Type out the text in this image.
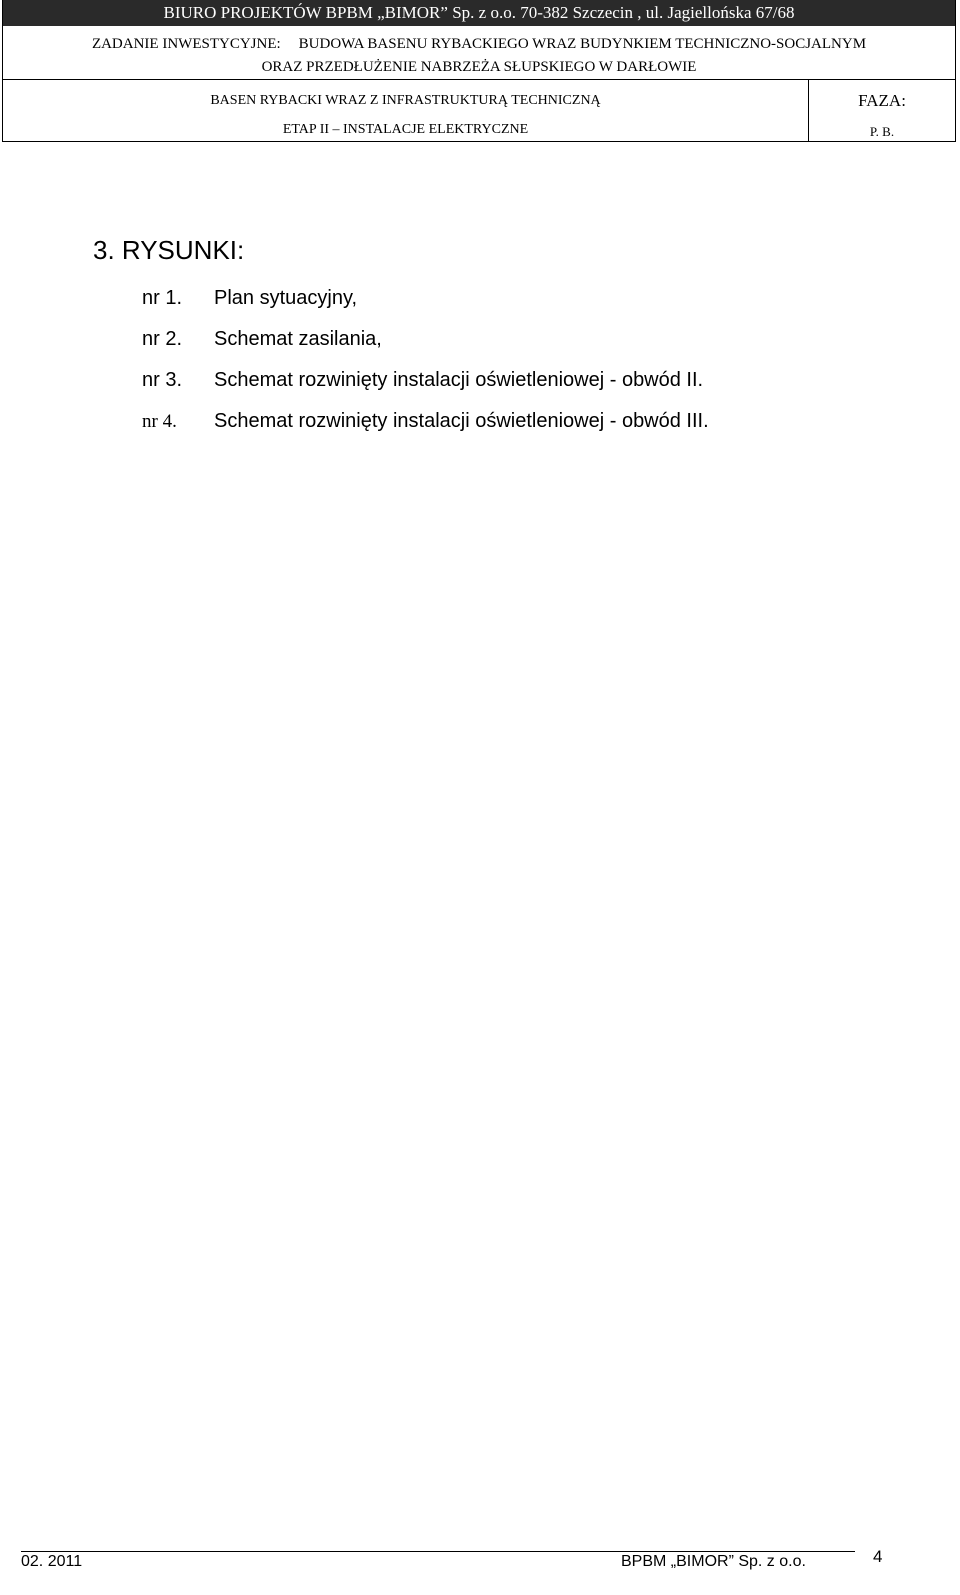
BIURO PROJEKTÓW BPBM „BIMOR” Sp. z o.o. 70-382 Szczecin , ul. Jagiellońska 67/68
ZADANIE INWESTYCYJNE: BUDOWA BASENU RYBACKIEGO WRAZ BUDYNKIEM TECHNICZNO-SOCJALNYM
ORAZ PRZEDŁUŻENIE NABRZEŻA SŁUPSKIEGO W DARŁOWIE
BASEN RYBACKI WRAZ Z INFRASTRUKTURĄ TECHNICZNĄ
ETAP II – INSTALACJE ELEKTRYCZNE
FAZA:
P. B.
3. RYSUNKI:
nr 1. Plan sytuacyjny,
nr 2. Schemat zasilania,
nr 3. Schemat rozwinięty instalacji oświetleniowej - obwód II.
nr 4. Schemat rozwinięty instalacji oświetleniowej - obwód III.
02. 2011	BPBM „BIMOR” Sp. z o.o.	4
